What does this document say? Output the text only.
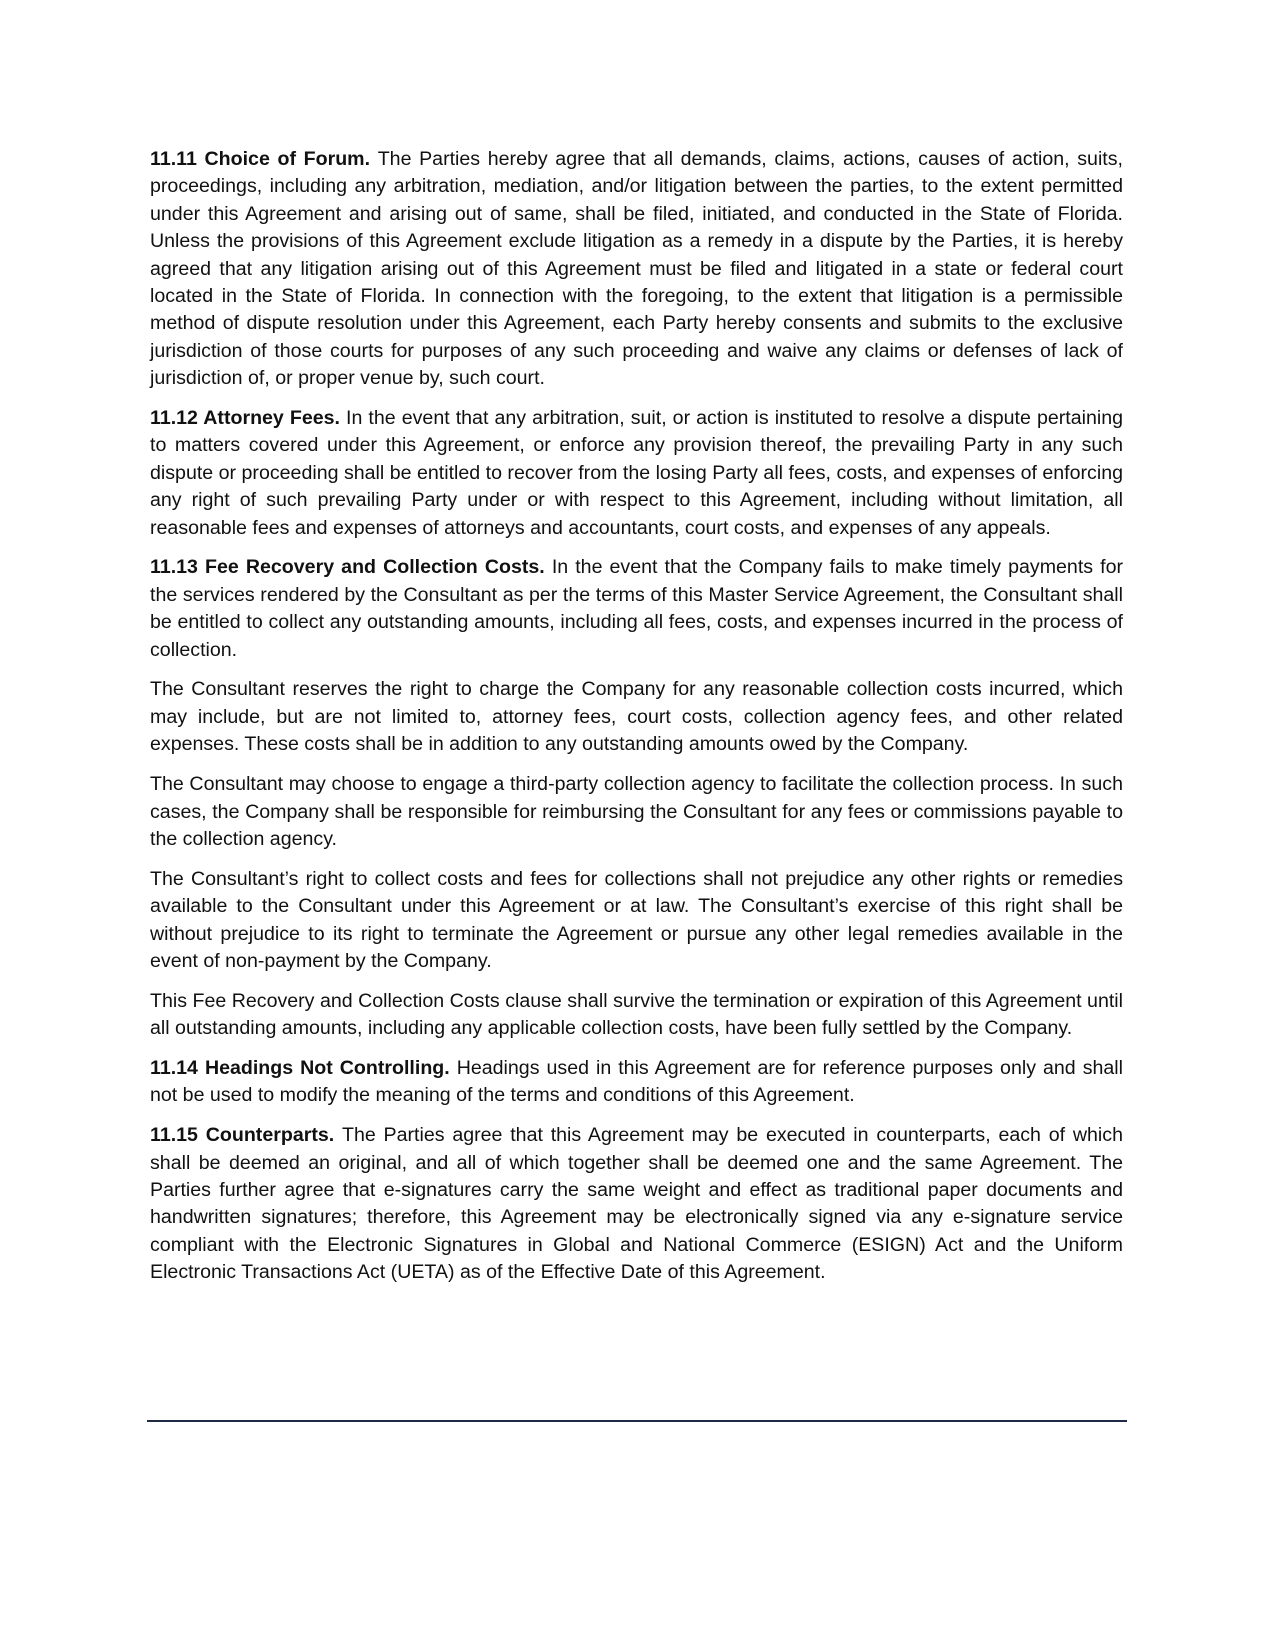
11.11 Choice of Forum. The Parties hereby agree that all demands, claims, actions, causes of action, suits, proceedings, including any arbitration, mediation, and/or litigation between the parties, to the extent permitted under this Agreement and arising out of same, shall be filed, initiated, and conducted in the State of Florida. Unless the provisions of this Agreement exclude litigation as a remedy in a dispute by the Parties, it is hereby agreed that any litigation arising out of this Agreement must be filed and litigated in a state or federal court located in the State of Florida. In connection with the foregoing, to the extent that litigation is a permissible method of dispute resolution under this Agreement, each Party hereby consents and submits to the exclusive jurisdiction of those courts for purposes of any such proceeding and waive any claims or defenses of lack of jurisdiction of, or proper venue by, such court.

11.12 Attorney Fees. In the event that any arbitration, suit, or action is instituted to resolve a dispute pertaining to matters covered under this Agreement, or enforce any provision thereof, the prevailing Party in any such dispute or proceeding shall be entitled to recover from the losing Party all fees, costs, and expenses of enforcing any right of such prevailing Party under or with respect to this Agreement, including without limitation, all reasonable fees and expenses of attorneys and accountants, court costs, and expenses of any appeals.

11.13 Fee Recovery and Collection Costs. In the event that the Company fails to make timely payments for the services rendered by the Consultant as per the terms of this Master Service Agreement, the Consultant shall be entitled to collect any outstanding amounts, including all fees, costs, and expenses incurred in the process of collection.

The Consultant reserves the right to charge the Company for any reasonable collection costs incurred, which may include, but are not limited to, attorney fees, court costs, collection agency fees, and other related expenses. These costs shall be in addition to any outstanding amounts owed by the Company.

The Consultant may choose to engage a third-party collection agency to facilitate the collection process. In such cases, the Company shall be responsible for reimbursing the Consultant for any fees or commissions payable to the collection agency.

The Consultant’s right to collect costs and fees for collections shall not prejudice any other rights or remedies available to the Consultant under this Agreement or at law. The Consultant’s exercise of this right shall be without prejudice to its right to terminate the Agreement or pursue any other legal remedies available in the event of non-payment by the Company.

This Fee Recovery and Collection Costs clause shall survive the termination or expiration of this Agreement until all outstanding amounts, including any applicable collection costs, have been fully settled by the Company.

11.14 Headings Not Controlling. Headings used in this Agreement are for reference purposes only and shall not be used to modify the meaning of the terms and conditions of this Agreement.

11.15 Counterparts. The Parties agree that this Agreement may be executed in counterparts, each of which shall be deemed an original, and all of which together shall be deemed one and the same Agreement. The Parties further agree that e-signatures carry the same weight and effect as traditional paper documents and handwritten signatures; therefore, this Agreement may be electronically signed via any e-signature service compliant with the Electronic Signatures in Global and National Commerce (ESIGN) Act and the Uniform Electronic Transactions Act (UETA) as of the Effective Date of this Agreement.
